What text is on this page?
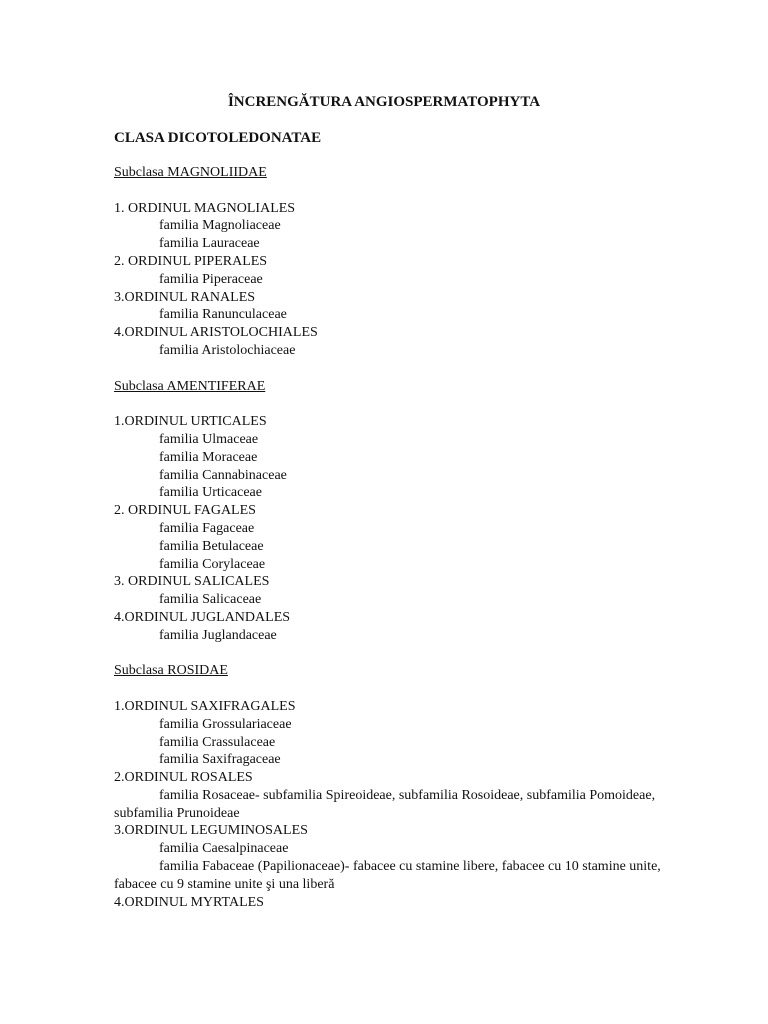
ÎNCRENGĂTURA ANGIOSPERMATOPHYTA
CLASA DICOTOLEDONATAE

Subclasa MAGNOLIIDAE

1. ORDINUL MAGNOLIALES

familia Magnoliaceae

familia Lauraceae

2. ORDINUL PIPERALES

familia Piperaceae

3.ORDINUL RANALES

familia Ranunculaceae

4.ORDINUL ARISTOLOCHIALES

familia Aristolochiaceae

Subclasa AMENTIFERAE

1.ORDINUL URTICALES

familia Ulmaceae

familia Moraceae

familia Cannabinaceae

familia Urticaceae

2. ORDINUL FAGALES

familia Fagaceae

familia Betulaceae

familia Corylaceae

3. ORDINUL SALICALES

familia Salicaceae

4.ORDINUL JUGLANDALES

familia Juglandaceae

Subclasa ROSIDAE

1.ORDINUL SAXIFRAGALES

familia Grossulariaceae

familia Crassulaceae

familia Saxifragaceae

2.ORDINUL ROSALES

familia Rosaceae- subfamilia Spireoideae, subfamilia Rosoideae, subfamilia Pomoideae,
subfamilia Prunoideae

3.ORDINUL LEGUMINOSALES

familia Caesalpinaceae

familia Fabaceae (Papilionaceae)- fabacee cu stamine libere, fabacee cu 10 stamine unite,
fabacee cu 9 stamine unite şi una liberă

4.ORDINUL MYRTALES
